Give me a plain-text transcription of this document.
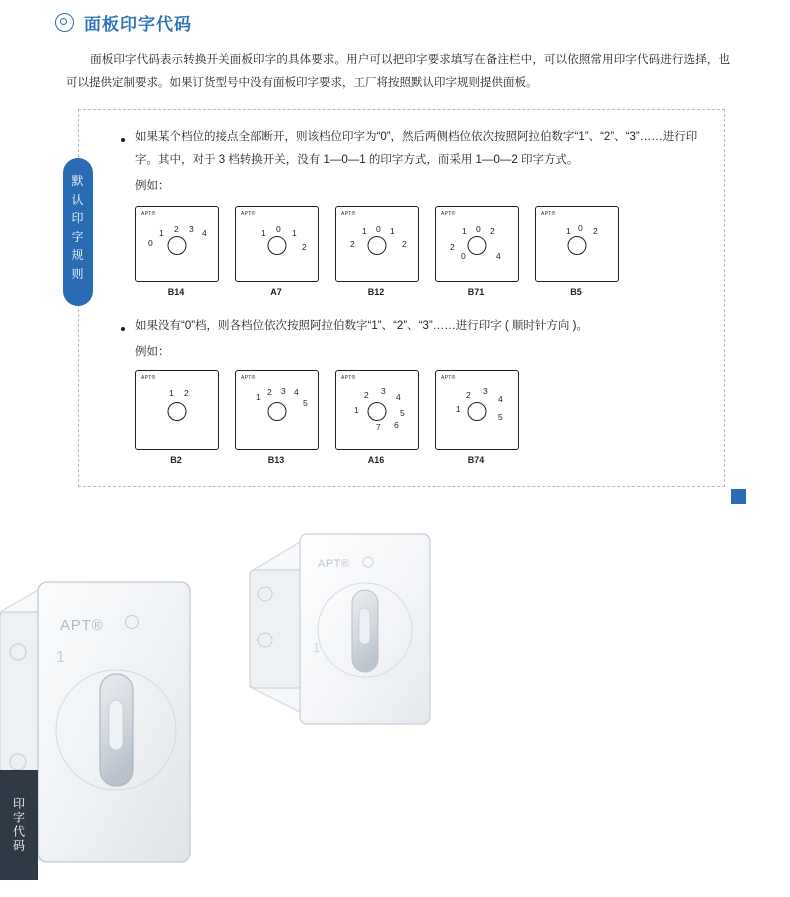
面板印字代码
面板印字代码表示转换开关面板印字的具体要求。用户可以把印字要求填写在备注栏中，可以依照常用印字代码进行选择，也可以提供定制要求。如果订货型号中没有面板印字要求，工厂将按照默认印字规则提供面板。
默
认
印
字
规
则
如果某个档位的接点全部断开，则该档位印字为“0”，然后两侧档位依次按照阿拉伯数字“1”、“2”、“3”……进行印字。其中，对于 3 档转换开关，没有 1—0—1 的印字方式，而采用 1—0—2 印字方式。
例如：
APT®
0
1 2 3 4
B14
APT®
1 0 1
2
A7
APT®
1 0 1
2	2
B12
APT®
1 0 2
2
0	4
B71
APT®
1 0 2
B5
如果没有“0”档，则各档位依次按照阿拉伯数字“1”、“2”、“3”……进行印字 ( 顺时针方向 )。
例如：
APT®
1 2
B2
APT®
1 2 3 4
5
B13
APT®
2 3
1
4
5
7 6
A16
APT®
2 3
1
4
5
B74
APT®
1
APT®
1
印字代码
